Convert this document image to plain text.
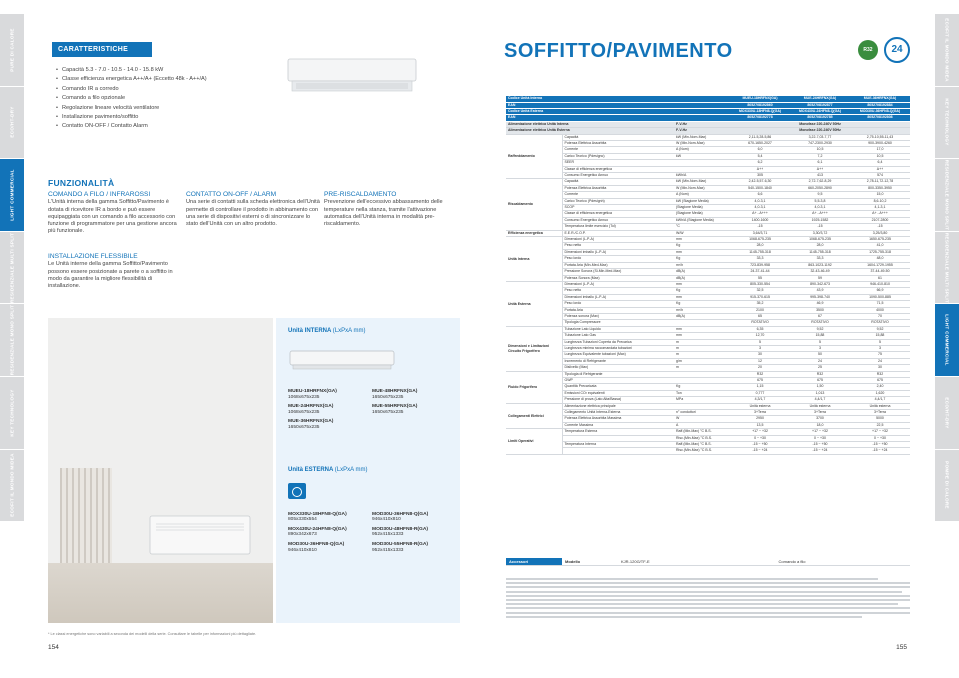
PURE DI CALORE
ECO/HT-DRY
LIGHT COMMERCIAL
RESIDENZIALE MULTI SPLIT
RESIDENZIALE MONO SPLIT
KEY TECHNOLOGY
ECOFIT IL MONDO MIDEA
ECOFIT IL MONDO MIDEA
KEY TECHNOLOGY
RESIDENZIALE MONO SPLIT
RESIDENZIALE MULTI SPLIT
LIGHT COMMERCIAL
ECO/HT-DRY
POMPE DI CALORE
CARATTERISTICHE
• Capacità 5.3 - 7.0 - 10.5 - 14.0 - 15.8 kW
• Classe efficienza energetica A++/A+ (Eccetto 48k - A++/A)
• Comando IR a corredo
• Comando a filo opzionale
• Regolazione lineare velocità ventilatore
• Installazione pavimento/soffitto
• Contatto ON-OFF / Contatto Alarm
FUNZIONALITÀ
COMANDO A FILO / INFRAROSSI
L'Unità interna della gamma Soffitto/Pavimento è dotata di ricevitore IR a bordo e può essere equipaggiata con un comando a filo accessorio con funzione di programmatore per una gestione ancora più funzionale.
CONTATTO ON-OFF / ALARM
Una serie di contatti sulla scheda elettronica dell'Unità permette di controllare il prodotto in abbinamento con una serie di dispositivi esterni o di sincronizzare lo stato dell'Unità con un altro prodotto.
PRE-RISCALDAMENTO
Prevenzione dell'eccessivo abbassamento delle temperature nella stanza, tramite l'attivazione automatica dell'Unità interna in modalità pre-riscaldamento.
INSTALLAZIONE FLESSIBILE
Le Unità interne della gamma Soffitto/Pavimento possono essere posizionate a parete o a soffitto in modo da garantire la migliore flessibilità di installazione.
Unità INTERNA (LxPxA mm)
MUEU-18HRFNX(GA)
1068x675x235
MUE-48HRFNX(GA)
1650x675x235
MUE-24HRFNX(GA)
1068x675x235
MUE-55HRFNX(GA)
1650x675x235
MUE-36HRFNX(GA)
1650x675x235
Unità ESTERNA (LxPxA mm)
MOX330U-18HFN8-Q(GA)
805x330x554
MOD30U-36HFN8-Q(GA)
946x410x810
MOX430U-24HFN8-Q(GA)
890x342x673
MOD30U-48HFN8-R(GA)
952x415x1333
MOD30U-36HFN8-Q(GA)
946x410x810
MOD30U-55HFN8-R(GA)
952x415x1333
* Le classi energetiche sono variabili a seconda dei modelli della serie. Consultare le tabelle per informazioni più dettagliate.
154
SOFFITTO/PAVIMENTO	R32	24
Codice Unità Interna			MUEU-18HRFNX(GA)	MUE-24HRFNX(GA)	MUE-36HRFNX(GA)
EAN			8052708192860	8052708192877	8052708192884
Codice Unità Esterna			MOX330U-18HFN8-Q(GA)	MOX430U-24HFN8-Q(GA)	MOD30U-36HFN8-Q(GA)
EAN			8052708192778	8052708192785	8052708192808
Alimentazione elettrica Unità Interna		F-V-Hz	Monofase 220-240V 50Hz		
Alimentazione elettrica Unità Esterna		F-V-Hz	Monofase 220-240V 50Hz		
Raffreddamento	Capacità	kW (Min-Nom-Max)	2,11-5,28-5,86	3,22-7,03-7,77	2,75-10,55-11,43
	Potenza Elettrica Assorbita	W (Min-Nom-Max)	670-1650-2027	747-2300-2930	900-3900-4260
	Corrente	A (Nom)	6,0	10,5	17,0
	Carico Teorico (Pdesignc)	kW	5,4	7,2	10,5
	SEER		6,2	6,1	6,4
	Classe di efficienza energetica		A++	A++	A++
	Consumo Energetico Annuo	kWh/A	305	413	574
Riscaldamento	Capacità	kW (Min-Nom-Max)	2,42-5,57-6,30	2,72-7,62-8,29	2,78-11,72-12,78
	Potenza Elettrica Assorbita	W (Min-Nom-Max)	540-1500-1840	660-2050-2890	800-3350-3950
	Corrente	A (Nom)	6,6	9,5	15,0
	Carico Teorico (Pdesignh)	kW (Stagione Media)	4,0-3,1	5,5-3,8	8,6-10,2
	SCOP	(Stagione Media)	4,0-3,1	4,0-3,1	4,1-3,1
	Classe di efficienza energetica	(Stagione Media)	A+ - A+++	A+ - A+++	A+ - A+++
	Consumo Energetico Annuo	kWh/A (Stagione Media)	1400-1600	1925-1582	2107-2800
	Temperatura limite esercizio (Tol)	°C	-15	-15	-15
Efficienza energetica	E.E.R./C.O.P.	W/W	3,64/3,71	3,30/3,72	3,25/3,80
Unità Interna	Dimensioni (L-P-A)	mm	1068-675-235	1068-675-235	1650-675-235
	Peso netto	Kg	28,0	28,0	41,0
	Dimensioni imballo (L-P-A)	mm	1145-755-318	1145-755-318	1725-755-318
	Peso lordo	Kg	33,3	33,3	48,0
	Portata Aria (Min-Med-Max)	m³/h	723-839-958	863-1023-1192	1604-1729-1955
	Pressione Sonora (Si-Min-Med-Max)	dB(A)	24-37-41-44	32-43-46-49	37-44-49-50
	Potenza Sonora (Max)	dB(A)	55	59	61
Unità Esterna	Dimensioni (L-P-A)	mm	805-330-554	890-342-673	946-410-810
	Peso netto	Kg	32,5	43,9	66,9
	Dimensioni imballo (L-P-A)	mm	915-370-615	995-398-740	1090-500-885
	Peso lordo	Kg	35,2	46,9	71,5
	Portata Aria	m³/h	2100	3500	4000
	Potenza sonora (Max)	dB(A)	65	67	70
	Tipologia Compressore		ROTATIVO	ROTATIVO	ROTATIVO
Dimensioni e Limitazioni Circuito Frigorifero	Tubazione Lato Liquido	mm	6,35	9,52	9,52
	Tubazione Lato Gas	mm	12,70	15,88	15,88
	Lunghezza Tubazioni Coperta da Precarica	m	5	5	5
	Lunghezza minima raccomandata tubazioni	m	3	3	3
	Lunghezza Equivalente tubazioni (Max)	m	30	50	75
	Incremento di Refrigerante	g/m	12	24	24
	Dislivello (Max)	m	20	25	30
Fluido Frigorifero	Tipologia di Refrigerante		R32	R32	R32
	GWP		675	675	675
	Quantità Precaricata	Kg	1,15	1,50	2,40
	Emissioni CO² equivalenti	Ton	0,777	1,013	1,620
	Pressione di prova (Lato Alta/Bassa)	MPa	4,3/1,7	4,4/1,7	4,4/1,7
Collegamenti Elettrici	Alimentazione elettrica principale		Unità esterna	Unità esterna	Unità esterna
	Collegamento Unità Interna-Esterna	n° conduttori	3+Terra	3+Terra	3+Terra
	Potenza Elettrica Assorbita Massima	W	2950	3700	5000
	Corrente Massima	A	13,5	18,0	22,5
Limiti Operativi	Temperatura Esterna	Raff.(Min-Max) °C B.S.	+17 ~ +32	+17 ~ +32	+17 ~ +32
		Risc.(Min-Max) °C B.S.	0 ~ +30	0 ~ +30	0 ~ +30
	Temperatura Interna	Raff.(Min-Max) °C B.S.	-15 ~ +50	-15 ~ +50	-15 ~ +50
		Risc.(Min-Max) °C B.S.	-15 ~ +24	-15 ~ +24	-15 ~ +24
Accessori	Modello	KJR-120G/TF-E	Comando a filo
155
